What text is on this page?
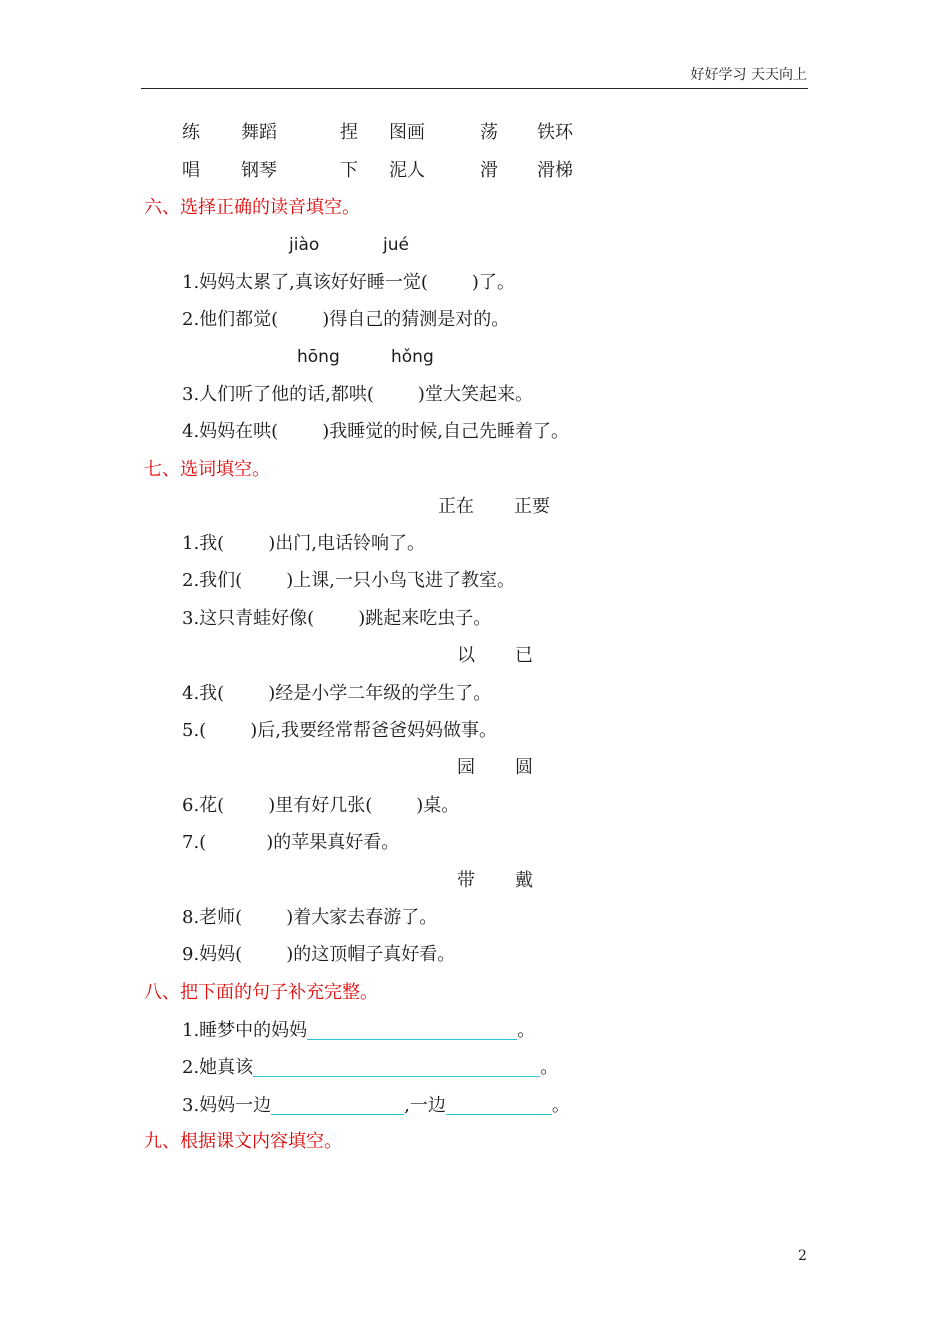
好好学习 天天向上
练 舞蹈	捏 图画	荡 铁环
唱 钢琴	下 泥人	滑 滑梯
六、选择正确的读音填空。
jiào	jué
1.妈妈太累了,真该好好睡一觉( )了。
2.他们都觉( )得自己的猜测是对的。
hōng	hǒng
3.人们听了他的话,都哄( )堂大笑起来。
4.妈妈在哄( )我睡觉的时候,自己先睡着了。
七、选词填空。
正在 正要
1.我( )出门,电话铃响了。
2.我们( )上课,一只小鸟飞进了教室。
3.这只青蛙好像( )跳起来吃虫子。
以 已
4.我( )经是小学二年级的学生了。
5.( )后,我要经常帮爸爸妈妈做事。
园 圆
6.花( )里有好几张( )桌。
7.(	)的苹果真好看。
带 戴
8.老师( )着大家去春游了。
9.妈妈( )的这顶帽子真好看。
八、把下面的句子补充完整。
1.睡梦中的妈妈	。
2.她真该	。
3.妈妈一边	,一边	。
九、根据课文内容填空。
2
